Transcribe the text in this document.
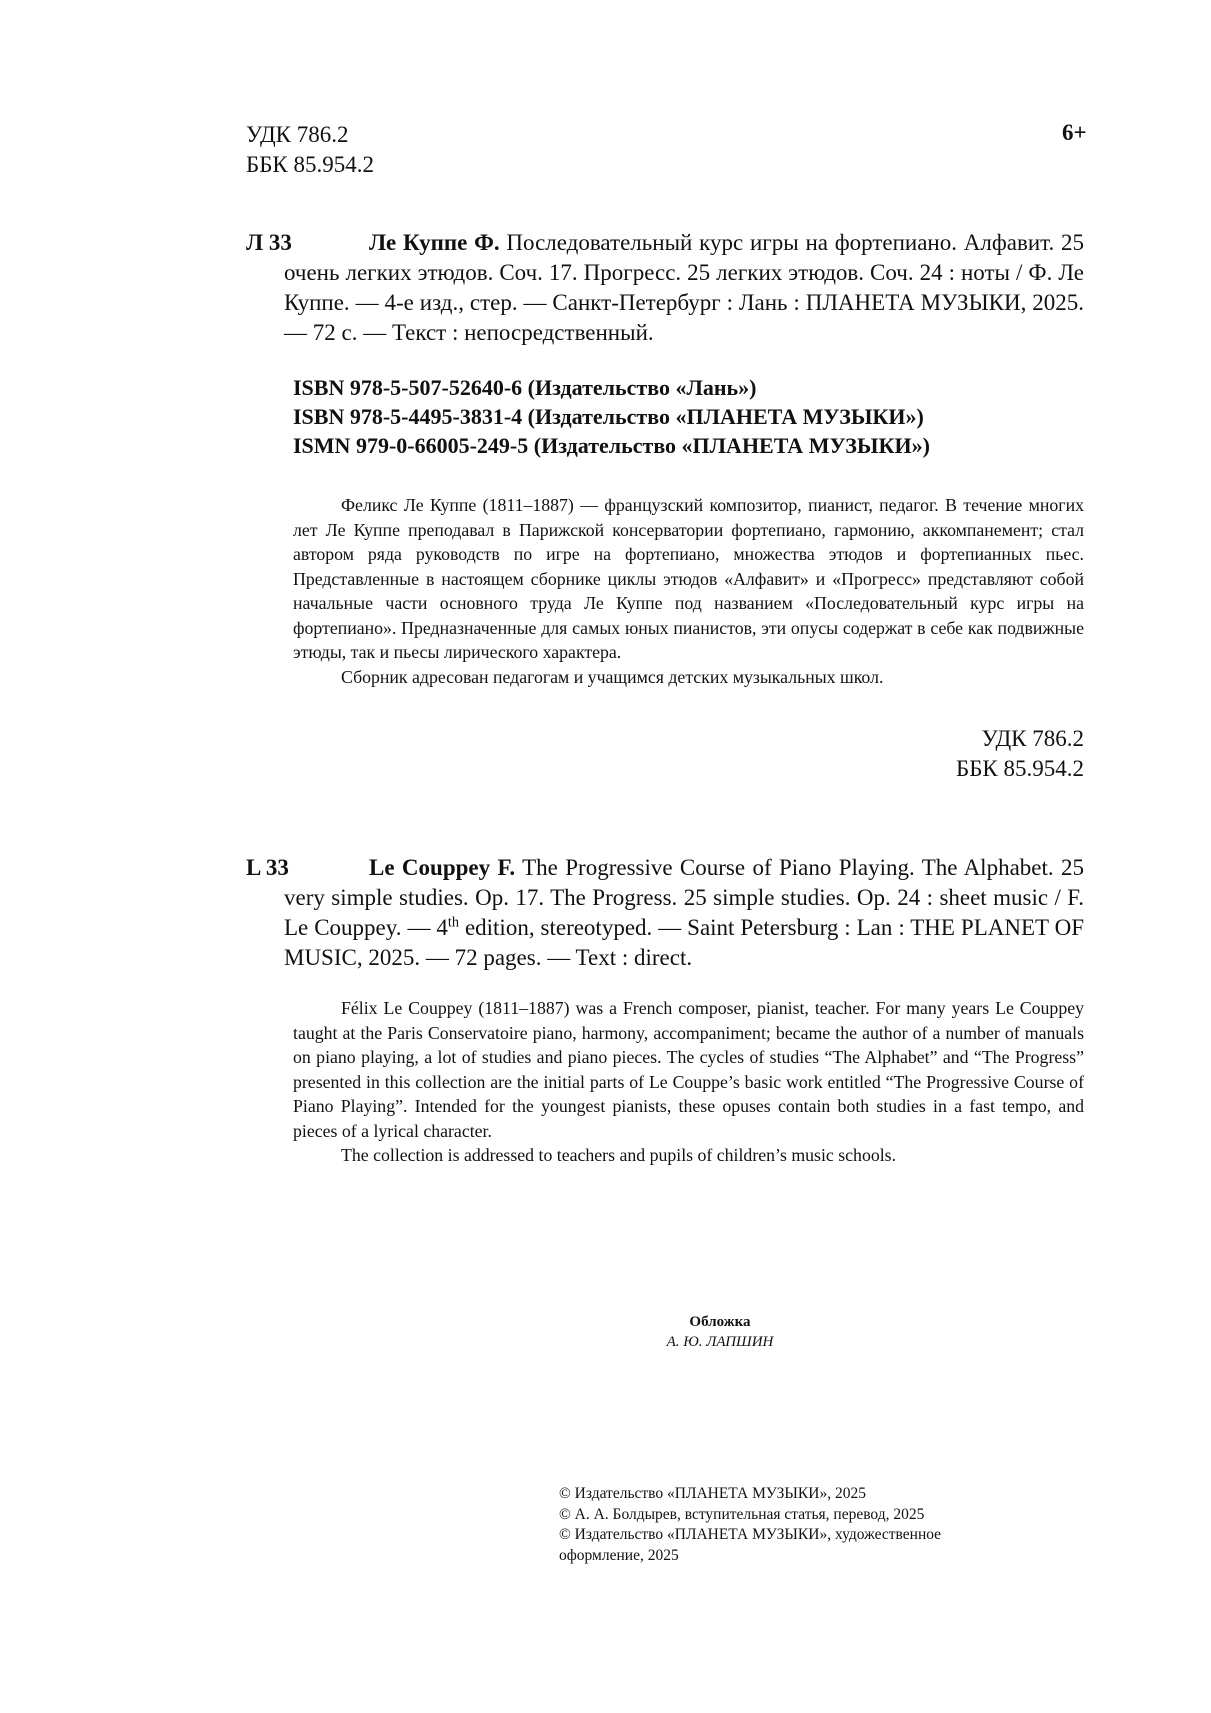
УДК 786.2
ББК 85.954.2
6+
Л 33	Ле Куппе Ф. Последовательный курс игры на фортепиано. Алфавит. 25 очень легких этюдов. Соч. 17. Прогресс. 25 легких этюдов. Соч. 24 : ноты / Ф. Ле Куппе. — 4-е изд., стер. — Санкт-Петербург : Лань : ПЛАНЕТА МУЗЫКИ, 2025. — 72 с. — Текст : непосредственный.
ISBN 978-5-507-52640-6 (Издательство «Лань»)
ISBN 978-5-4495-3831-4 (Издательство «ПЛАНЕТА МУЗЫКИ»)
ISMN 979-0-66005-249-5 (Издательство «ПЛАНЕТА МУЗЫКИ»)

Феликс Ле Куппе (1811–1887) — французский композитор, пианист, педагог. В течение многих лет Ле Куппе преподавал в Парижской консерватории фортепиано, гармонию, аккомпанемент; стал автором ряда руководств по игре на фортепиано, множества этюдов и фортепианных пьес. Представленные в настоящем сборнике циклы этюдов «Алфавит» и «Прогресс» представляют собой начальные части основного труда Ле Куппе под названием «Последовательный курс игры на фортепиано». Предназначенные для самых юных пианистов, эти опусы содержат в себе как подвижные этюды, так и пьесы лирического характера.

Сборник адресован педагогам и учащимся детских музыкальных школ.

УДК 786.2
ББК 85.954.2
L 33	Le Couppey F. The Progressive Course of Piano Playing. The Alphabet. 25 very simple studies. Op. 17. The Progress. 25 simple studies. Op. 24 : sheet music / F. Le Couppey. — 4th edition, stereotyped. — Saint Petersburg : Lan : THE PLANET OF MUSIC, 2025. — 72 pages. — Text : direct.

Félix Le Couppey (1811–1887) was a French composer, pianist, teacher. For many years Le Couppey taught at the Paris Conservatoire piano, harmony, accompaniment; became the author of a number of manuals on piano playing, a lot of studies and piano pieces. The cycles of studies “The Alphabet” and “The Progress” presented in this collection are the initial parts of Le Couppe’s basic work entitled “The Progressive Course of Piano Playing”. Intended for the youngest pianists, these opuses contain both studies in a fast tempo, and pieces of a lyrical character.

The collection is addressed to teachers and pupils of children’s music schools.

Обложка
А. Ю. ЛАПШИН
© Издательство «ПЛАНЕТА МУЗЫКИ», 2025
© А. А. Болдырев, вступительная статья, перевод, 2025
© Издательство «ПЛАНЕТА МУЗЫКИ», художественное оформление, 2025
